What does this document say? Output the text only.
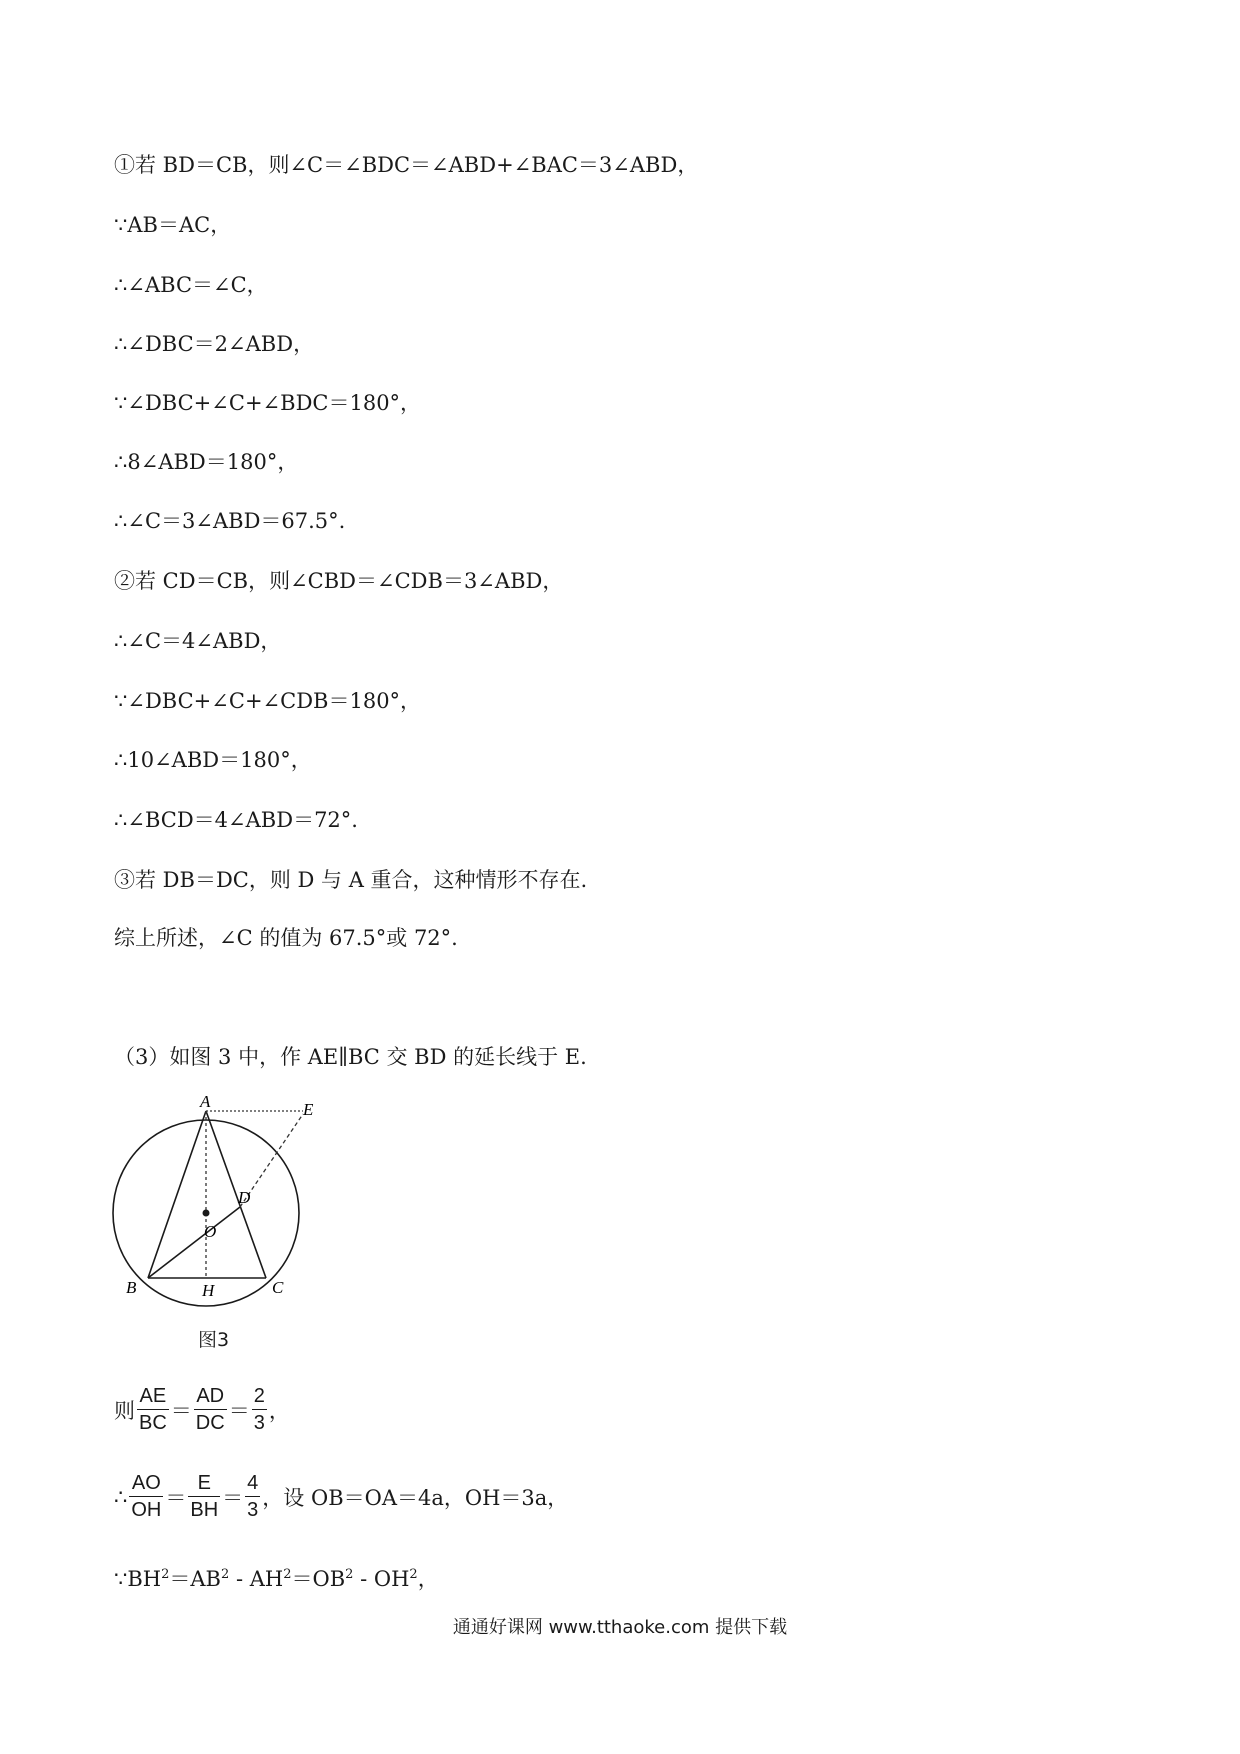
①若 BD＝CB，则∠C＝∠BDC＝∠ABD+∠BAC＝3∠ABD，
∵AB＝AC，
∴∠ABC＝∠C，
∴∠DBC＝2∠ABD，
∵∠DBC+∠C+∠BDC＝180°，
∴8∠ABD＝180°，
∴∠C＝3∠ABD＝67.5°.
②若 CD＝CB，则∠CBD＝∠CDB＝3∠ABD，
∴∠C＝4∠ABD，
∵∠DBC+∠C+∠CDB＝180°，
∴10∠ABD＝180°，
∴∠BCD＝4∠ABD＝72°.
③若 DB＝DC，则 D 与 A 重合，这种情形不存在.
综上所述，∠C 的值为 67.5°或 72°.
（3）如图 3 中，作 AE∥BC 交 BD 的延长线于 E.
A	E
D
O
B	H	C
图3
则 $\frac{AE}{BC} = \frac{AD}{DC} = \frac{2}{3}$ ，
∴ $\frac{AO}{OH} = \frac{E}{BH} = \frac{4}{3}$ ，设 OB＝OA＝4a，OH＝3a，
$\because BH^2=AB^2 - AH^2=OB^2 - OH^2$，
通通好课网 www.tthaoke.com 提供下载
